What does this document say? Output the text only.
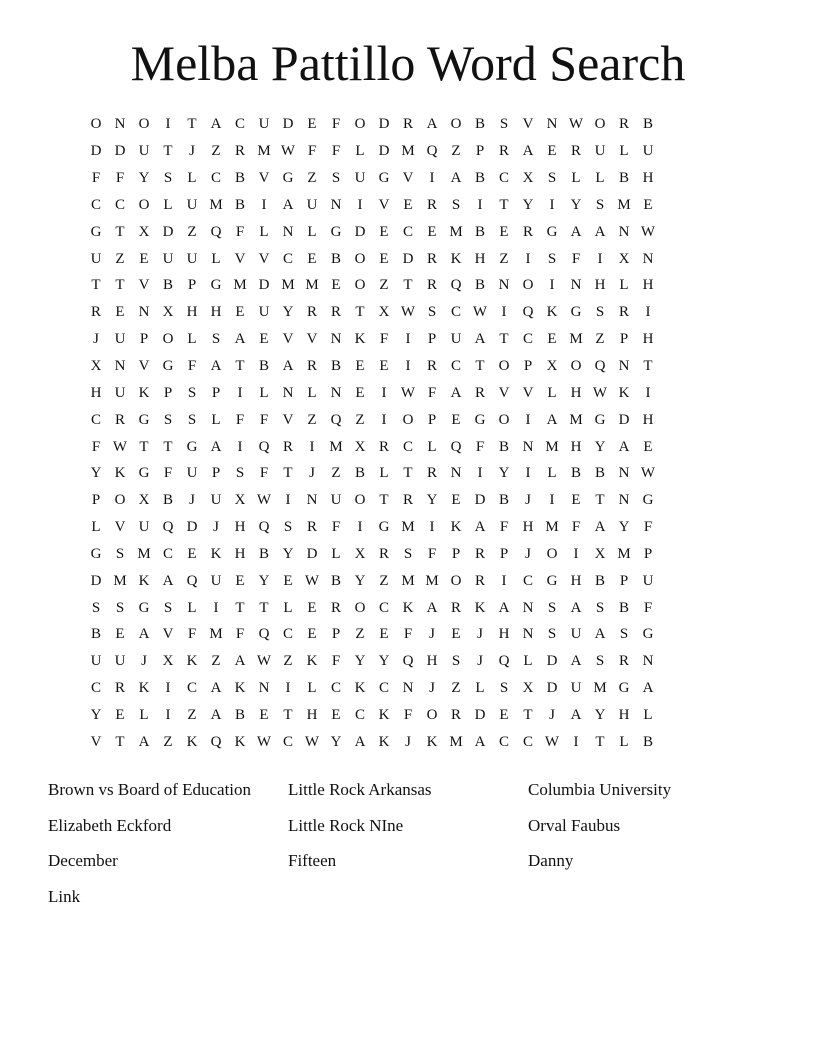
Melba Pattillo Word Search
O N O	I	T A C U D E	F O D R A O B S V N W O R B
D D U T	J	Z R M W F	F	L D M Q Z	P R A E R U L U
F	F Y S	L C B V G Z	S U G V	I	A B C X S	L L B H
C C O L U M B	I	A U N	I	V E R S	I	T Y	I	Y S M E
G T X D Z Q F	L N L G D E C E M B E R G A A N W
U Z E U U L V V C E B O E D R K H Z	I	S	F	I	X N
T T V B P G M D M M E O Z T R Q B N O	I	N H L H
R E N X H H E U Y R R T X W S C W I	Q K G S R	I
J	U P O L	S A E V V N K F	I	P U A T C E M Z	P H
X N V G F A T B A R B E E	I	R C T O P X O Q N T
H U K P	S	P	I	L N L N E	I W F A R V V L H W K	I
C R G S	S	L	F	F V Z Q Z	I	O P	E G O	I	A M G D H
F W T T G A	I	Q R	I M X R C L Q F B N M H Y A E
Y K G F U P	S	F	T	J	Z B L T R N	I	Y	I	L B B N W
P O X B	J	U X W I	N U O T R Y E D B	J	I	E T N G
L V U Q D	J	H Q S R F	I	G M I	K A F H M F A Y F
G S M C E K H B Y D L X R S	F	P R P	J	O	I	X M P
D M K A Q U E Y E W B Y Z M M O R	I	C G H B P U
S	S G S	L	I	T T L E R O C K A R K A N S A S B F
B E A V F M F Q C E	P	Z E	F	J	E	J	H N S U A S G
U U	J	X K Z A W Z K F Y Y Q H S	J	Q L D A S R N
C R K	I	C A K N	I	L C K C N	J	Z L	S X D U M G A
Y E L	I	Z A B E T H E C K F O R D E T	J	A Y H L
V T A Z K Q K W C W Y A K	J	K M A C C W I	T L B
Brown vs Board of Education	Little Rock Arkansas	Columbia University
Elizabeth Eckford	Little Rock NIne	Orval Faubus
December	Fifteen	Danny
Link
